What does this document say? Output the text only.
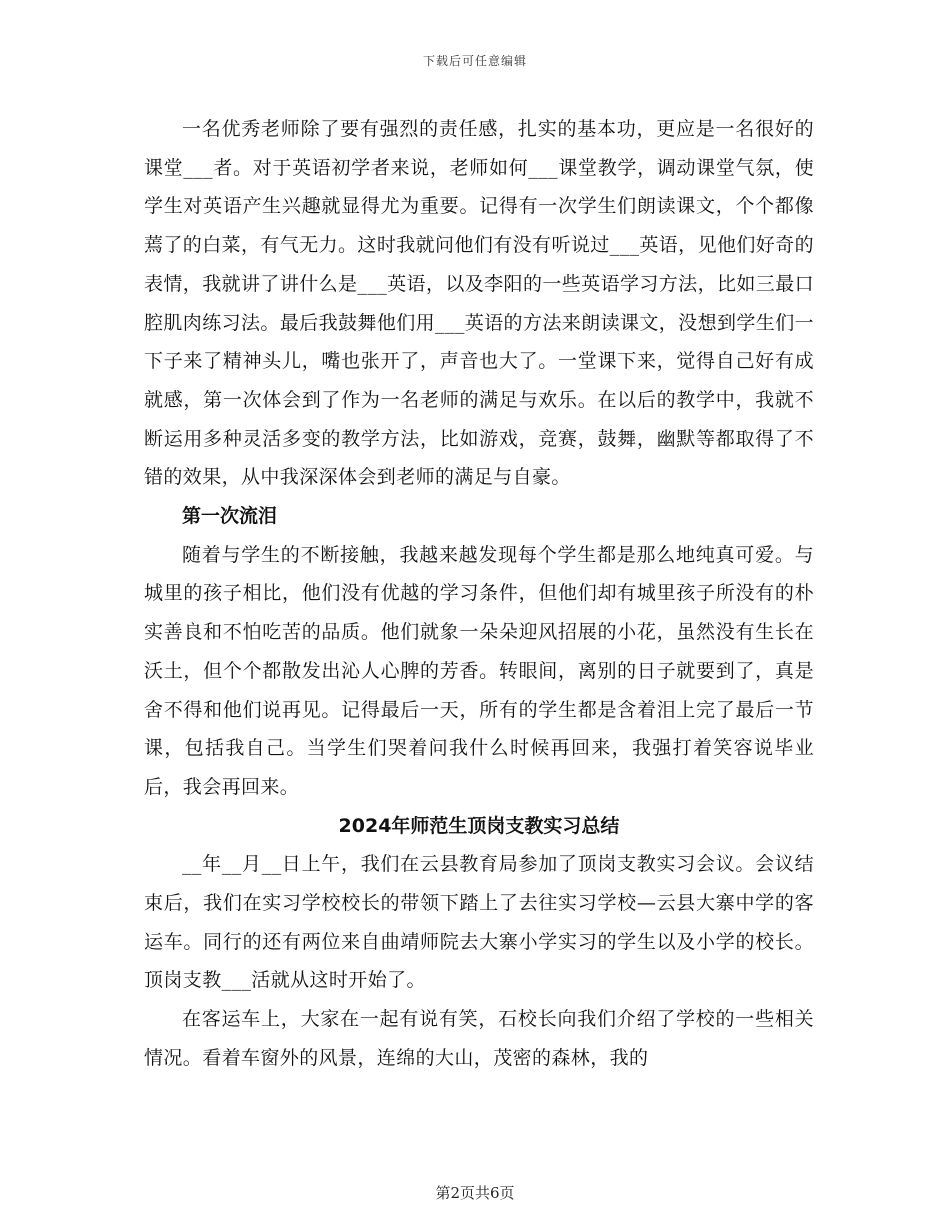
下载后可任意编辑

一名优秀老师除了要有强烈的责任感，扎实的基本功，更应是一名很好的课堂___者。对于英语初学者来说，老师如何___课堂教学，调动课堂气氛，使学生对英语产生兴趣就显得尤为重要。记得有一次学生们朗读课文，个个都像蔫了的白菜，有气无力。这时我就问他们有没有听说过___英语，见他们好奇的表情，我就讲了讲什么是___英语，以及李阳的一些英语学习方法，比如三最口腔肌肉练习法。最后我鼓舞他们用___英语的方法来朗读课文，没想到学生们一下子来了精神头儿，嘴也张开了，声音也大了。一堂课下来，觉得自己好有成就感，第一次体会到了作为一名老师的满足与欢乐。在以后的教学中，我就不断运用多种灵活多变的教学方法，比如游戏，竞赛，鼓舞，幽默等都取得了不错的效果，从中我深深体会到老师的满足与自豪。

第一次流泪

随着与学生的不断接触，我越来越发现每个学生都是那么地纯真可爱。与城里的孩子相比，他们没有优越的学习条件，但他们却有城里孩子所没有的朴实善良和不怕吃苦的品质。他们就象一朵朵迎风招展的小花，虽然没有生长在沃土，但个个都散发出沁人心脾的芳香。转眼间，离别的日子就要到了，真是舍不得和他们说再见。记得最后一天，所有的学生都是含着泪上完了最后一节课，包括我自己。当学生们哭着问我什么时候再回来，我强打着笑容说毕业后，我会再回来。

2024年师范生顶岗支教实习总结

__年__月__日上午，我们在云县教育局参加了顶岗支教实习会议。会议结束后，我们在实习学校校长的带领下踏上了去往实习学校—云县大寨中学的客运车。同行的还有两位来自曲靖师院去大寨小学实习的学生以及小学的校长。顶岗支教___活就从这时开始了。

在客运车上，大家在一起有说有笑，石校长向我们介绍了学校的一些相关情况。看着车窗外的风景，连绵的大山，茂密的森林，我的

第2页共6页
